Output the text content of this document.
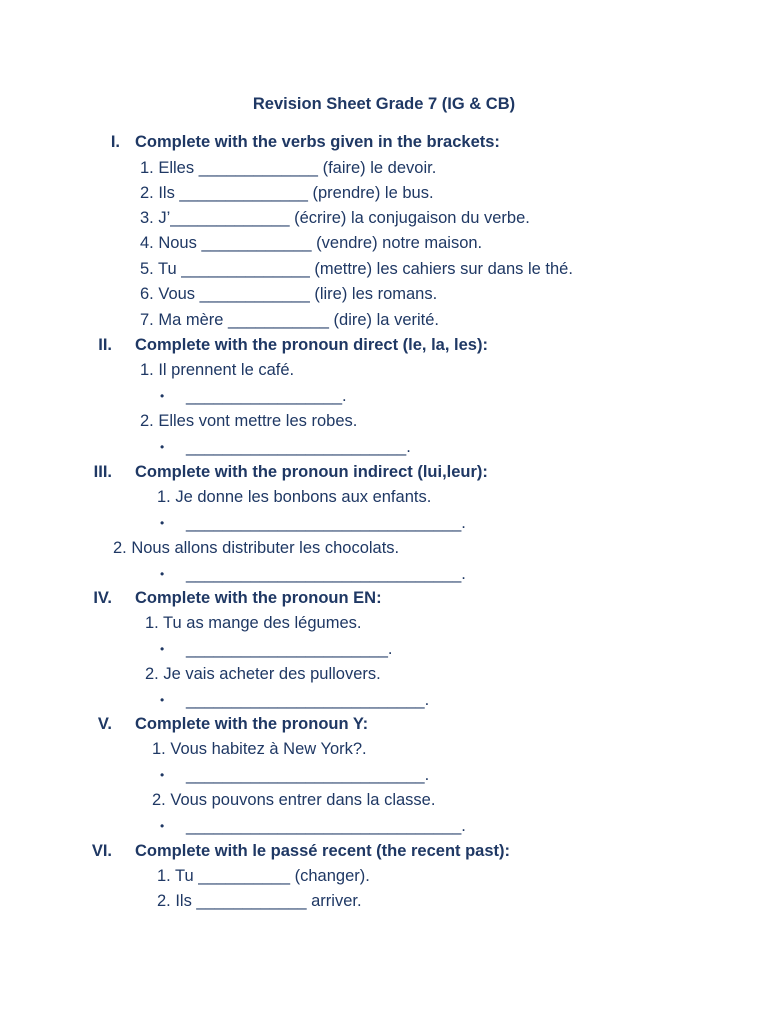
Revision Sheet Grade 7 (IG & CB)
I. Complete with the verbs given in the brackets:
1. Elles _____________ (faire) le devoir.
2. Ils ______________ (prendre) le bus.
3. J’_____________ (écrire) la conjugaison du verbe.
4. Nous ____________ (vendre) notre maison.
5. Tu ______________ (mettre) les cahiers sur dans le thé.
6. Vous ____________ (lire) les romans.
7. Ma mère ___________ (dire) la verité.
II. Complete with the pronoun direct (le, la, les):
1. Il prennent le café.
• _________________.
2. Elles vont mettre les robes.
• ________________________.
III. Complete with the pronoun indirect (lui,leur):
1. Je donne les bonbons aux enfants.
• ______________________________.
2. Nous allons distributer les chocolats.
• ______________________________.
IV. Complete with the pronoun EN:
1. Tu as mange des légumes.
• ______________________.
2. Je vais acheter des pullovers.
• __________________________.
V. Complete with the pronoun Y:
1. Vous habitez à New York?.
• __________________________.
2. Vous pouvons entrer dans la classe.
• ______________________________.
VI. Complete with le passé recent (the recent past):
1. Tu __________ (changer).
2. Ils ____________ arriver.
